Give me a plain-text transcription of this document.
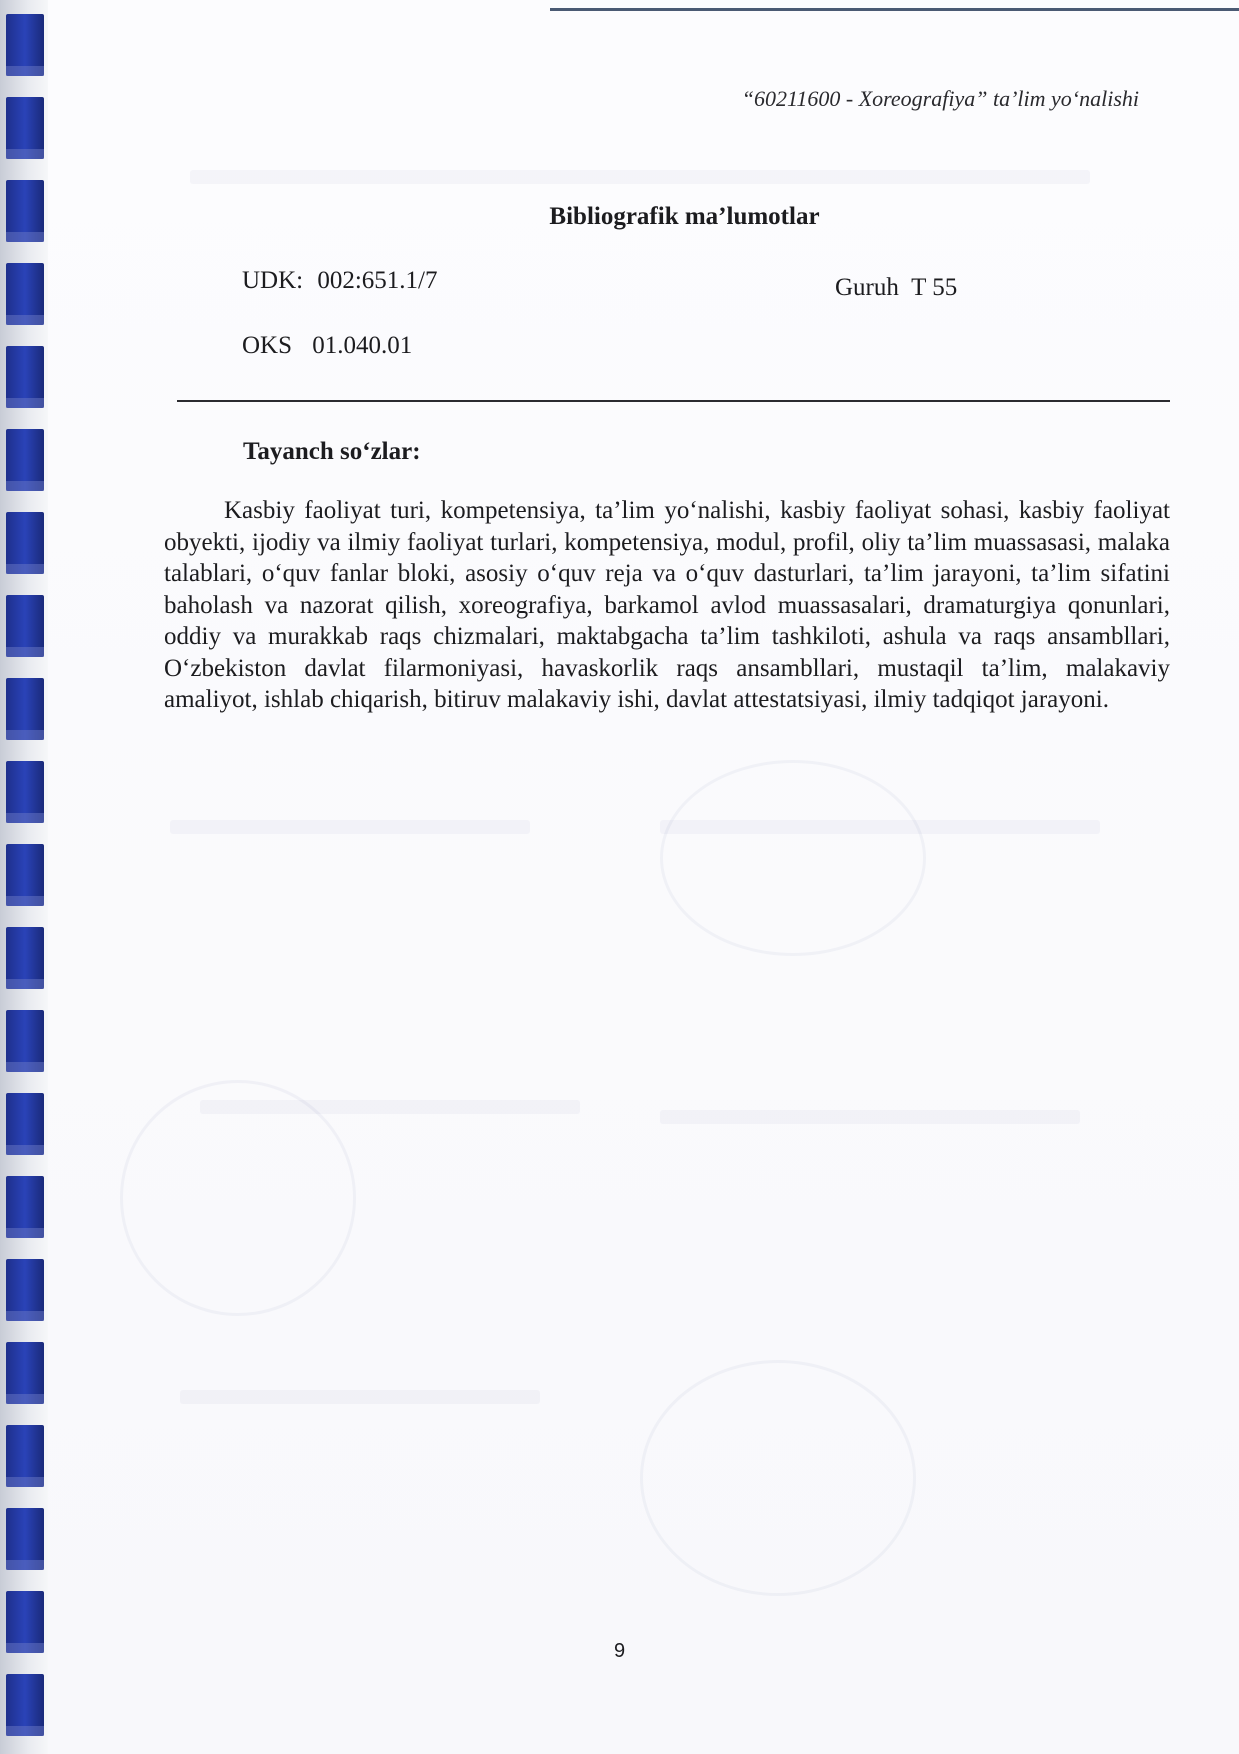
“60211600 - Xoreografiya” ta’lim yo‘nalishi
Bibliografik ma’lumotlar
UDK: 002:651.1/7	Guruh T 55
OKS 01.040.01
Tayanch so‘zlar:

Kasbiy faoliyat turi, kompetensiya, ta’lim yo‘nalishi, kasbiy faoliyat sohasi, kasbiy faoliyat obyekti, ijodiy va ilmiy faoliyat turlari, kompetensiya, modul, profil, oliy ta’lim muassasasi, malaka talablari, o‘quv fanlar bloki, asosiy o‘quv reja va o‘quv dasturlari, ta’lim jarayoni, ta’lim sifatini baholash va nazorat qilish, xoreografiya, barkamol avlod muassasalari, dramaturgiya qonunlari, oddiy va murakkab raqs chizmalari, maktabgacha ta’lim tashkiloti, ashula va raqs ansambllari, O‘zbekiston davlat filarmoniyasi, havaskorlik raqs ansambllari, mustaqil ta’lim, malakaviy amaliyot, ishlab chiqarish, bitiruv malakaviy ishi, davlat attestatsiyasi, ilmiy tadqiqot jarayoni.

9
